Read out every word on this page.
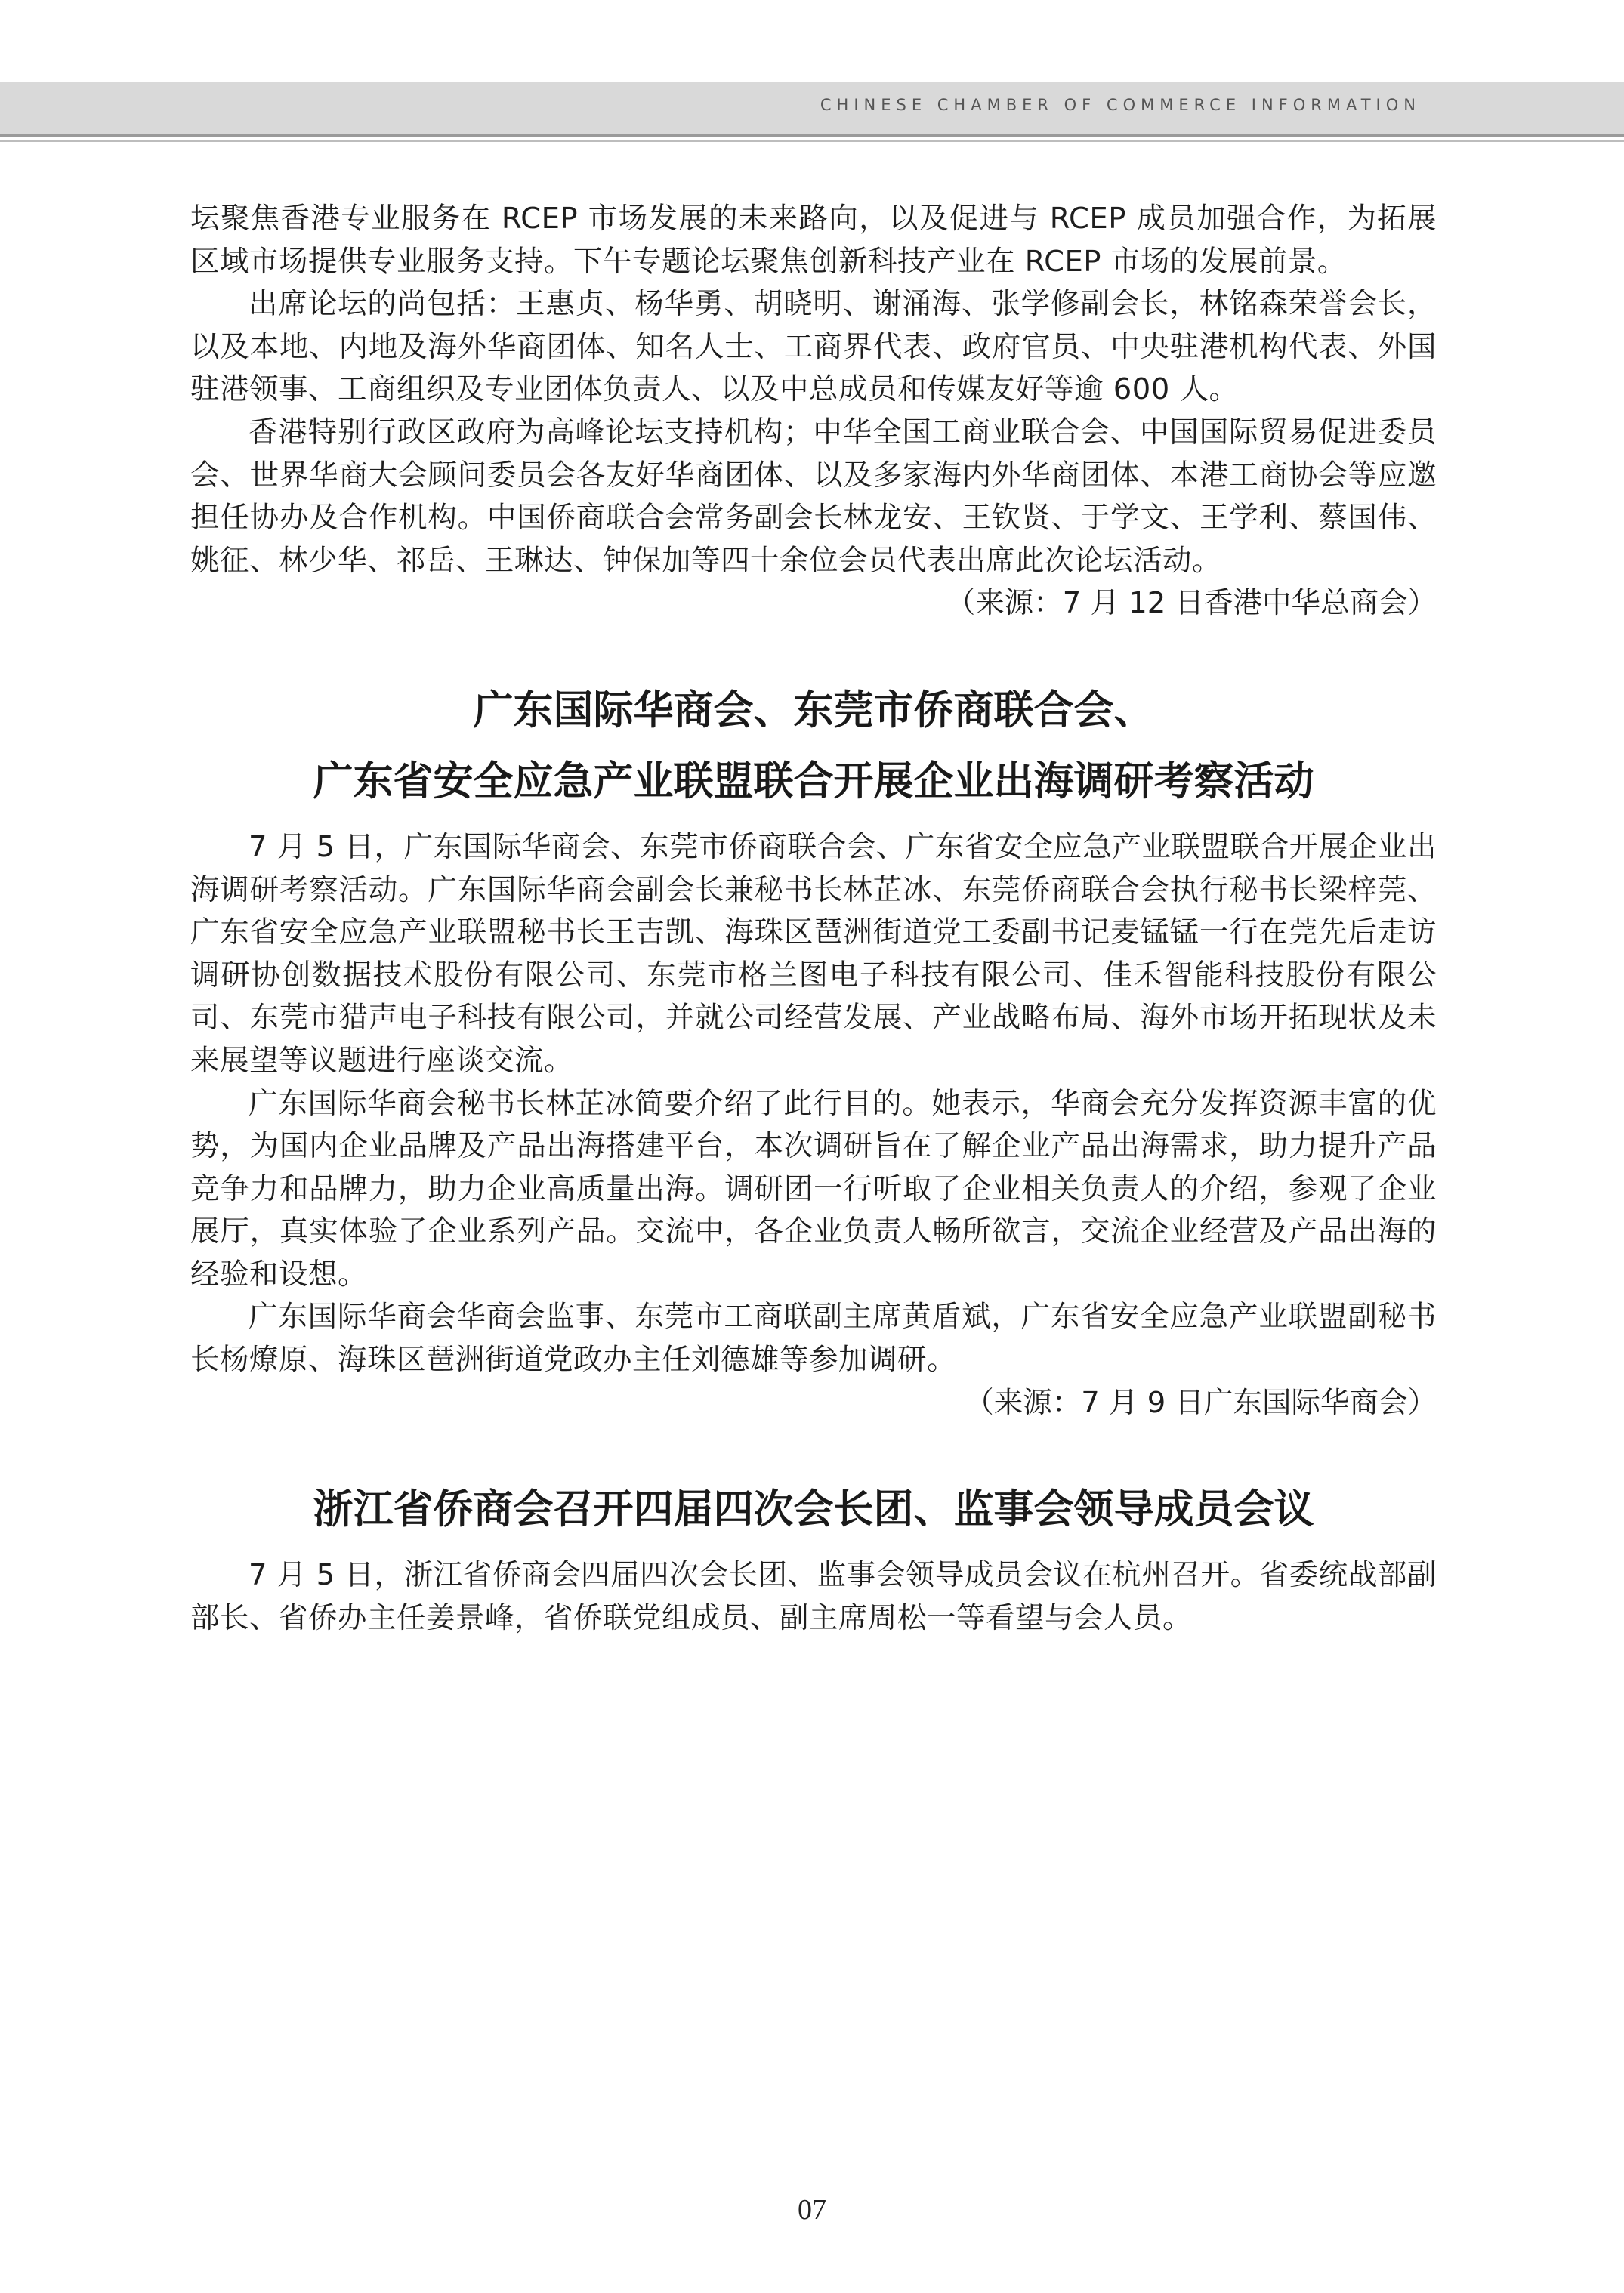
CHINESE CHAMBER OF COMMERCE INFORMATION

坛聚焦香港专业服务在 RCEP 市场发展的未来路向，以及促进与 RCEP 成员加强合作，为拓展区域市场提供专业服务支持。下午专题论坛聚焦创新科技产业在 RCEP 市场的发展前景。

出席论坛的尚包括：王惠贞、杨华勇、胡晓明、谢涌海、张学修副会长，林铭森荣誉会长，以及本地、内地及海外华商团体、知名人士、工商界代表、政府官员、中央驻港机构代表、外国驻港领事、工商组织及专业团体负责人、以及中总成员和传媒友好等逾 600 人。

香港特别行政区政府为高峰论坛支持机构；中华全国工商业联合会、中国国际贸易促进委员会、世界华商大会顾问委员会各友好华商团体、以及多家海内外华商团体、本港工商协会等应邀担任协办及合作机构。中国侨商联合会常务副会长林龙安、王钦贤、于学文、王学利、蔡国伟、姚征、林少华、祁岳、王琳达、钟保加等四十余位会员代表出席此次论坛活动。

（来源：7 月 12 日香港中华总商会）

广东国际华商会、东莞市侨商联合会、
广东省安全应急产业联盟联合开展企业出海调研考察活动

7 月 5 日，广东国际华商会、东莞市侨商联合会、广东省安全应急产业联盟联合开展企业出海调研考察活动。广东国际华商会副会长兼秘书长林芷冰、东莞侨商联合会执行秘书长梁梓莞、广东省安全应急产业联盟秘书长王吉凯、海珠区琶洲街道党工委副书记麦锰锰一行在莞先后走访调研协创数据技术股份有限公司、东莞市格兰图电子科技有限公司、佳禾智能科技股份有限公司、东莞市猎声电子科技有限公司，并就公司经营发展、产业战略布局、海外市场开拓现状及未来展望等议题进行座谈交流。

广东国际华商会秘书长林芷冰简要介绍了此行目的。她表示，华商会充分发挥资源丰富的优势，为国内企业品牌及产品出海搭建平台，本次调研旨在了解企业产品出海需求，助力提升产品竞争力和品牌力，助力企业高质量出海。调研团一行听取了企业相关负责人的介绍，参观了企业展厅，真实体验了企业系列产品。交流中，各企业负责人畅所欲言，交流企业经营及产品出海的经验和设想。

广东国际华商会华商会监事、东莞市工商联副主席黄盾斌，广东省安全应急产业联盟副秘书长杨燎原、海珠区琶洲街道党政办主任刘德雄等参加调研。

（来源：7 月 9 日广东国际华商会）

浙江省侨商会召开四届四次会长团、监事会领导成员会议

7 月 5 日，浙江省侨商会四届四次会长团、监事会领导成员会议在杭州召开。省委统战部副部长、省侨办主任姜景峰，省侨联党组成员、副主席周松一等看望与会人员。

07
